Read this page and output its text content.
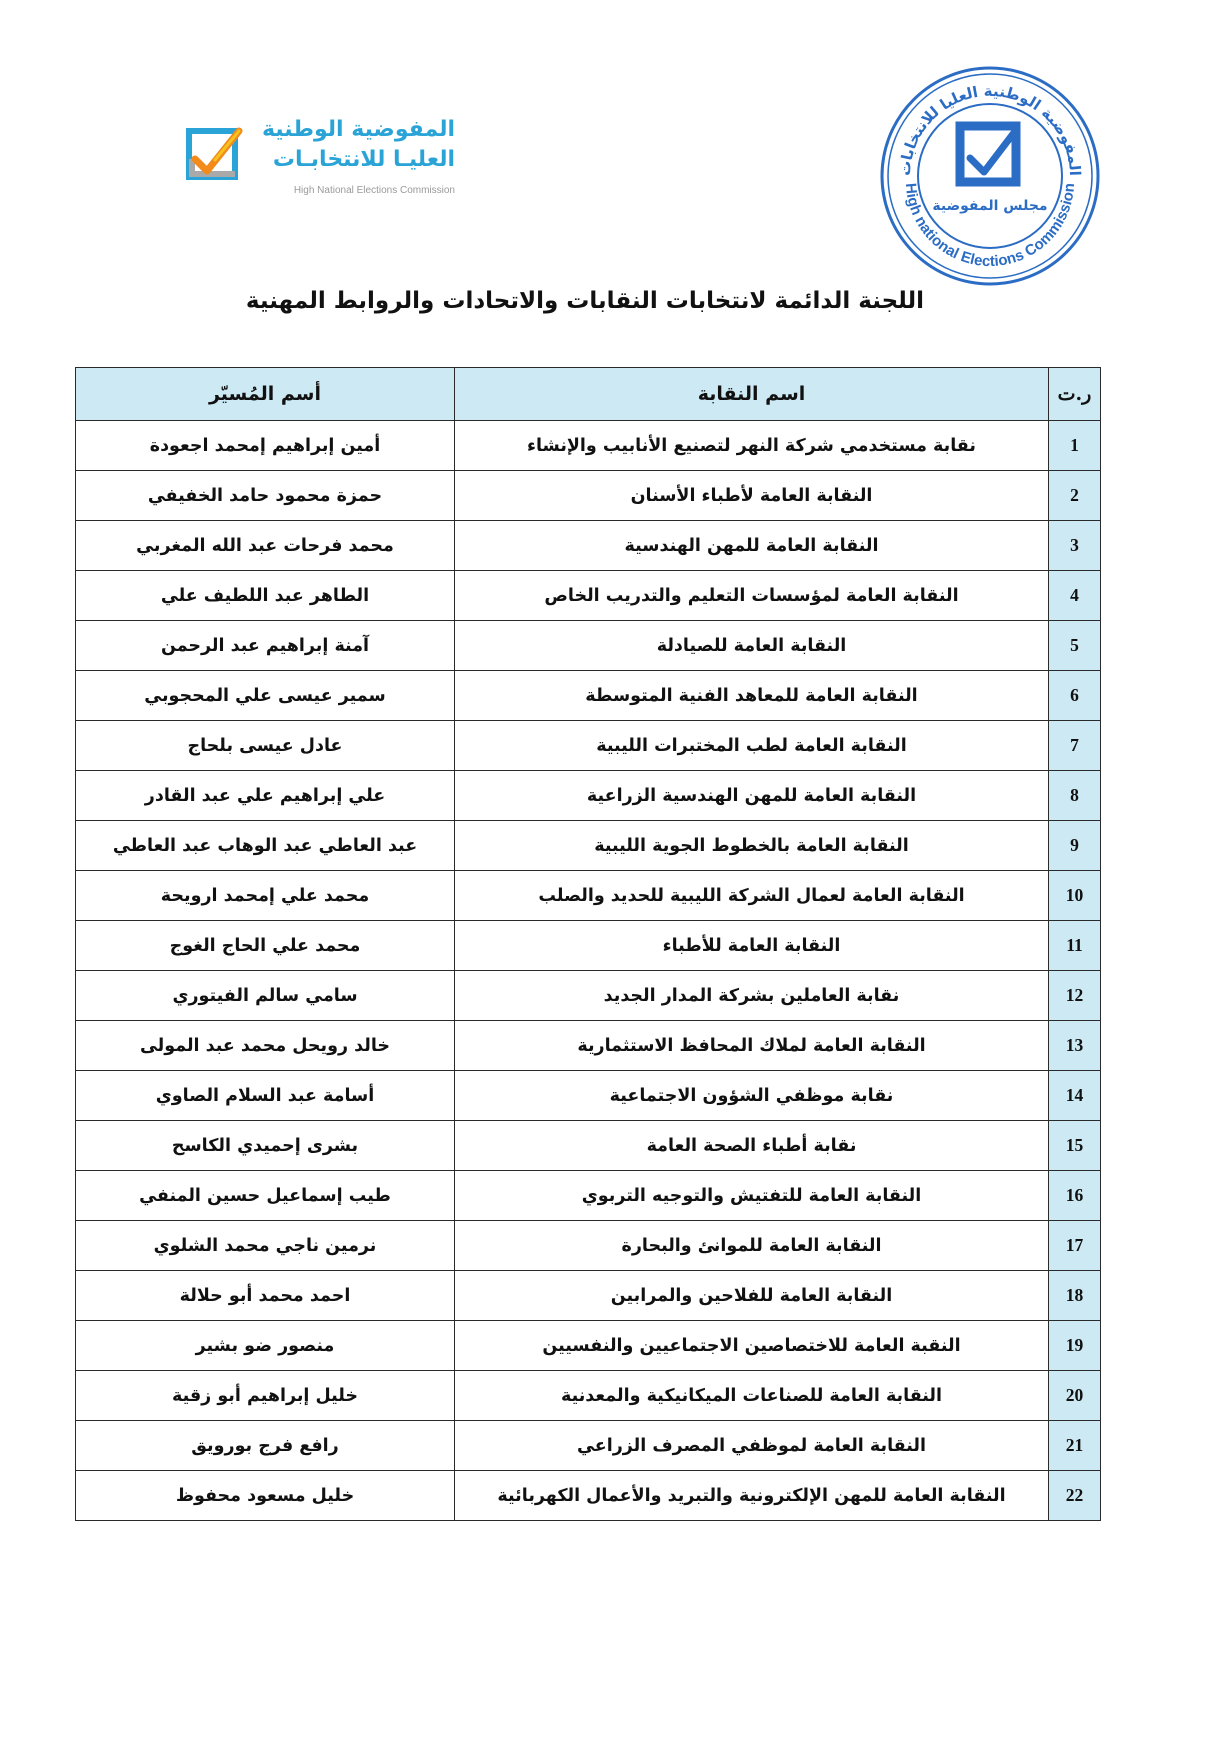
المفوضية الوطنية
العليـا للانتخابـات
High National Elections Commission
المفوضية الوطنية العليا للانتخابات
High national Elections Commission
مجلس المفوضية
اللجنة الدائمة لانتخابات النقابات والاتحادات والروابط المهنية
ر.ت	اسم النقابة	أسم المُسيّر
1	نقابة مستخدمي شركة النهر لتصنيع الأنابيب والإنشاء	أمين إبراهيم إمحمد اجعودة
2	النقابة العامة لأطباء الأسنان	حمزة محمود حامد الخفيفي
3	النقابة العامة للمهن الهندسية	محمد فرحات عبد الله المغربي
4	النقابة العامة لمؤسسات التعليم والتدريب الخاص	الطاهر عبد اللطيف علي
5	النقابة العامة للصيادلة	آمنة إبراهيم عبد الرحمن
6	النقابة العامة للمعاهد الفنية المتوسطة	سمير عيسى علي المحجوبي
7	النقابة العامة لطب المختبرات الليبية	عادل عيسى بلحاج
8	النقابة العامة للمهن الهندسية الزراعية	علي إبراهيم علي عبد القادر
9	النقابة العامة بالخطوط الجوية الليبية	عبد العاطي عبد الوهاب عبد العاطي
10	النقابة العامة لعمال الشركة الليبية للحديد والصلب	محمد علي إمحمد ارويحة
11	النقابة العامة للأطباء	محمد علي الحاج الغوج
12	نقابة العاملين بشركة المدار الجديد	سامي سالم الفيتوري
13	النقابة العامة لملاك المحافظ الاستثمارية	خالد رويحل محمد عبد المولى
14	نقابة موظفي الشؤون الاجتماعية	أسامة عبد السلام الصاوي
15	نقابة أطباء الصحة العامة	بشرى إحميدي الكاسح
16	النقابة العامة للتفتيش والتوجيه التربوي	طيب إسماعيل حسين المنفي
17	النقابة العامة للموانئ والبحارة	نرمين ناجي محمد الشلوي
18	النقابة العامة للفلاحين والمرابين	احمد محمد أبو حلالة
19	النقبة العامة للاختصاصين الاجتماعيين والنفسيين	منصور ضو بشير
20	النقابة العامة للصناعات الميكانيكية والمعدنية	خليل إبراهيم أبو زقية
21	النقابة العامة لموظفي المصرف الزراعي	رافع فرج بورويق
22	النقابة العامة للمهن الإلكترونية والتبريد والأعمال الكهربائية	خليل مسعود محفوظ
